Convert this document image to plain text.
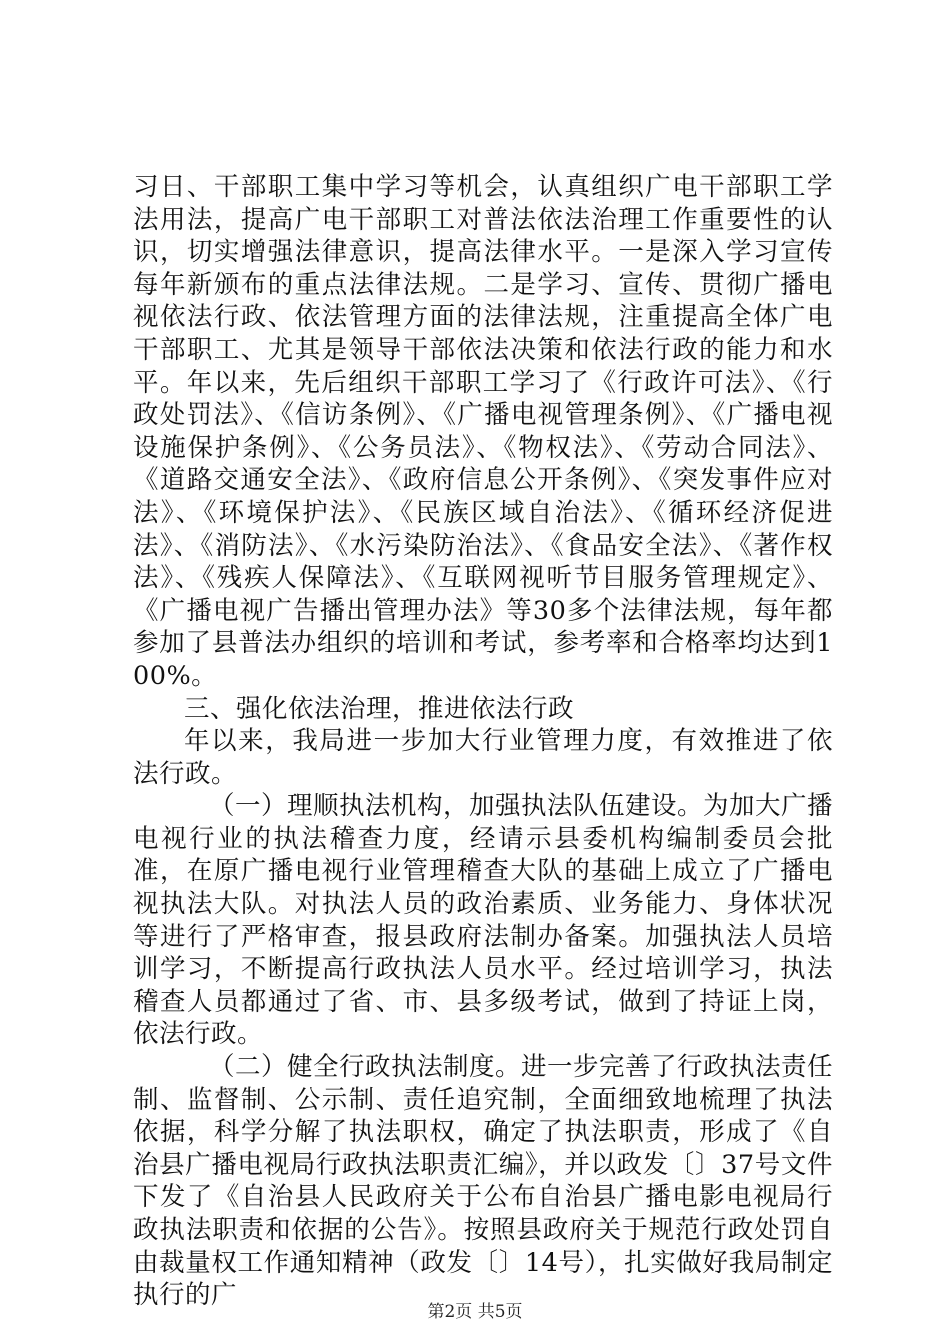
习日、干部职工集中学习等机会，认真组织广电干部职工学法用法，提高广电干部职工对普法依法治理工作重要性的认识，切实增强法律意识，提高法律水平。一是深入学习宣传每年新颁布的重点法律法规。二是学习、宣传、贯彻广播电视依法行政、依法管理方面的法律法规，注重提高全体广电干部职工、尤其是领导干部依法决策和依法行政的能力和水平。年以来，先后组织干部职工学习了《行政许可法》、《行政处罚法》、《信访条例》、《广播电视管理条例》、《广播电视设施保护条例》、《公务员法》、《物权法》、《劳动合同法》、《道路交通安全法》、《政府信息公开条例》、《突发事件应对法》、《环境保护法》、《民族区域自治法》、《循环经济促进法》、《消防法》、《水污染防治法》、《食品安全法》、《著作权法》、《残疾人保障法》、《互联网视听节目服务管理规定》、《广播电视广告播出管理办法》等30多个法律法规，每年都参加了县普法办组织的培训和考试，参考率和合格率均达到100%。

三、强化依法治理，推进依法行政

年以来，我局进一步加大行业管理力度，有效推进了依法行政。

（一）理顺执法机构，加强执法队伍建设。为加大广播电视行业的执法稽查力度，经请示县委机构编制委员会批准，在原广播电视行业管理稽查大队的基础上成立了广播电视执法大队。对执法人员的政治素质、业务能力、身体状况等进行了严格审查，报县政府法制办备案。加强执法人员培训学习，不断提高行政执法人员水平。经过培训学习，执法稽查人员都通过了省、市、县多级考试，做到了持证上岗，依法行政。

（二）健全行政执法制度。进一步完善了行政执法责任制、监督制、公示制、责任追究制，全面细致地梳理了执法依据，科学分解了执法职权，确定了执法职责，形成了《自治县广播电视局行政执法职责汇编》，并以政发〔〕37号文件下发了《自治县人民政府关于公布自治县广播电影电视局行政执法职责和依据的公告》。按照县政府关于规范行政处罚自由裁量权工作通知精神（政发〔〕14号），扎实做好我局制定执行的广

第2页 共5页
